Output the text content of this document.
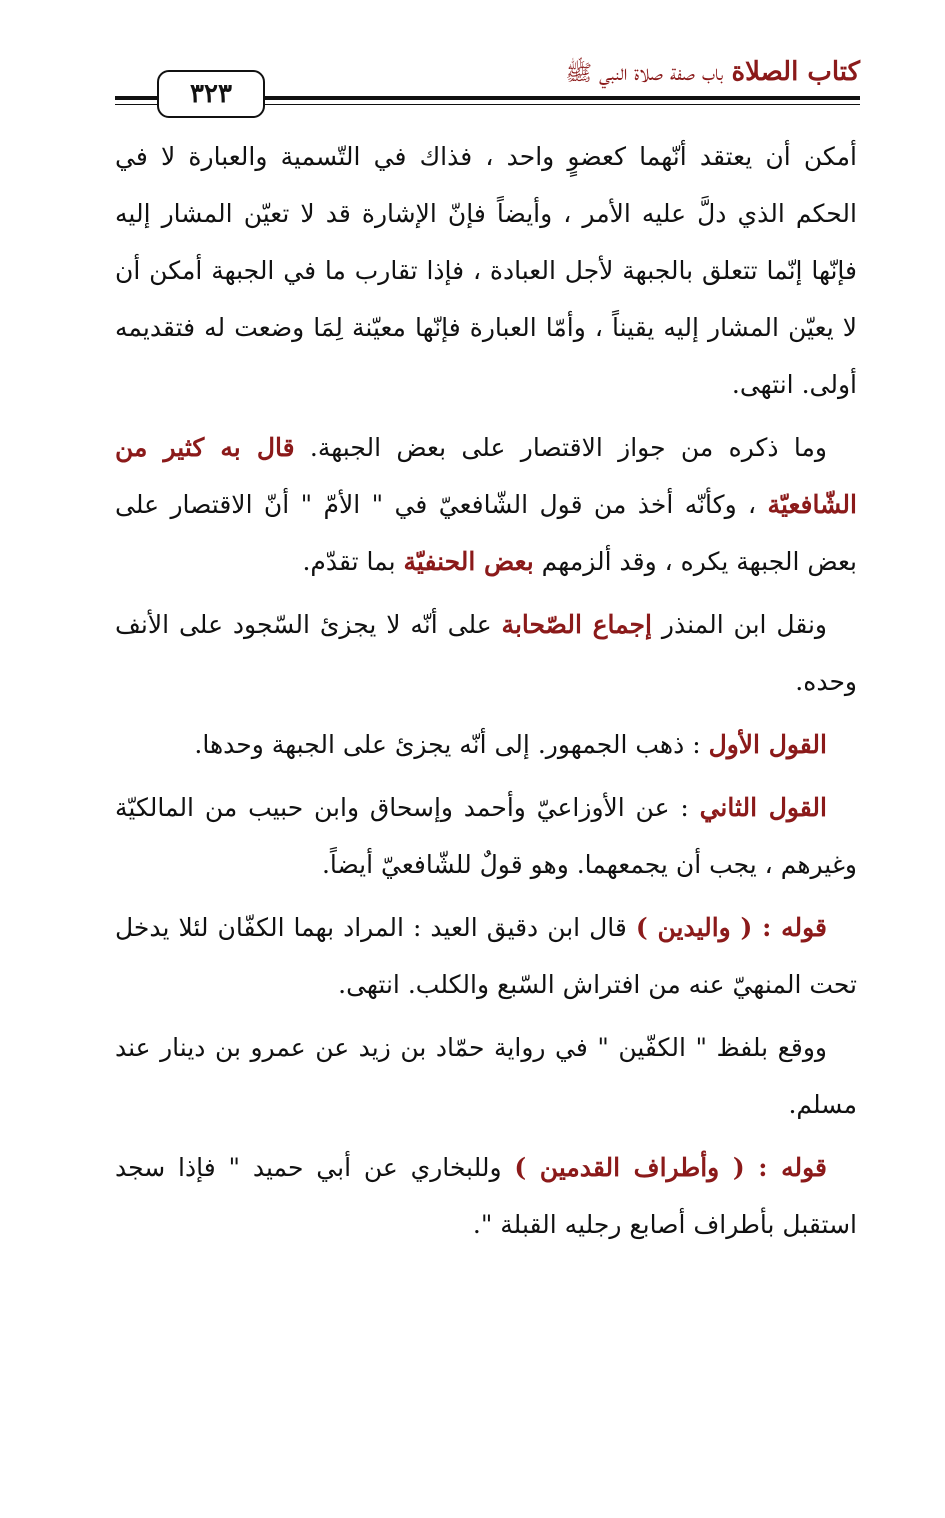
كتاب الصلاة باب صفة صلاة النبي ﷺ
٣٢٣

أمكن أن يعتقد أنّهما كعضوٍ واحد ، فذاك في التّسمية والعبارة لا في الحكم الذي دلَّ عليه الأمر ، وأيضاً فإنّ الإشارة قد لا تعيّن المشار إليه فإنّها إنّما تتعلق بالجبهة لأجل العبادة ، فإذا تقارب ما في الجبهة أمكن أن لا يعيّن المشار إليه يقيناً ، وأمّا العبارة فإنّها معيّنة لِمَا وضعت له فتقديمه أولى. انتهى.

وما ذكره من جواز الاقتصار على بعض الجبهة. قال به كثير من الشّافعيّة ، وكأنّه أخذ من قول الشّافعيّ في " الأمّ " أنّ الاقتصار على بعض الجبهة يكره ، وقد ألزمهم بعض الحنفيّة بما تقدّم.

ونقل ابن المنذر إجماع الصّحابة على أنّه لا يجزئ السّجود على الأنف وحده.

القول الأول : ذهب الجمهور. إلى أنّه يجزئ على الجبهة وحدها.

القول الثاني : عن الأوزاعيّ وأحمد وإسحاق وابن حبيب من المالكيّة وغيرهم ، يجب أن يجمعهما. وهو قولٌ للشّافعيّ أيضاً.

قوله : ( واليدين ) قال ابن دقيق العيد : المراد بهما الكفّان لئلا يدخل تحت المنهيّ عنه من افتراش السّبع والكلب. انتهى.

ووقع بلفظ " الكفّين " في رواية حمّاد بن زيد عن عمرو بن دينار عند مسلم.

قوله : ( وأطراف القدمين ) وللبخاري عن أبي حميد " فإذا سجد استقبل بأطراف أصابع رجليه القبلة ".
